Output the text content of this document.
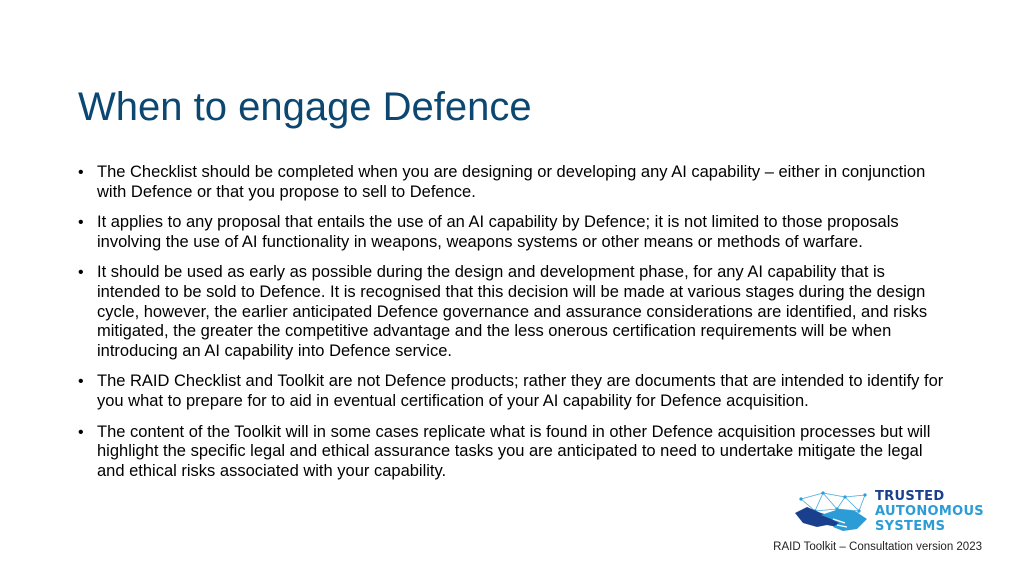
When to engage Defence
• The Checklist should be completed when you are designing or developing any AI capability – either in conjunction with Defence or that you propose to sell to Defence.
• It applies to any proposal that entails the use of an AI capability by Defence; it is not limited to those proposals involving the use of AI functionality in weapons, weapons systems or other means or methods of warfare.
• It should be used as early as possible during the design and development phase, for any AI capability that is intended to be sold to Defence. It is recognised that this decision will be made at various stages during the design cycle, however, the earlier anticipated Defence governance and assurance considerations are identified, and risks mitigated, the greater the competitive advantage and the less onerous certification requirements will be when introducing an AI capability into Defence service.
• The RAID Checklist and Toolkit are not Defence products; rather they are documents that are intended to identify for you what to prepare for to aid in eventual certification of your AI capability for Defence acquisition.
• The content of the Toolkit will in some cases replicate what is found in other Defence acquisition processes but will highlight the specific legal and ethical assurance tasks you are anticipated to need to undertake mitigate the legal and ethical risks associated with your capability.
TRUSTED
AUTONOMOUS
SYSTEMS
RAID Toolkit – Consultation version 2023
